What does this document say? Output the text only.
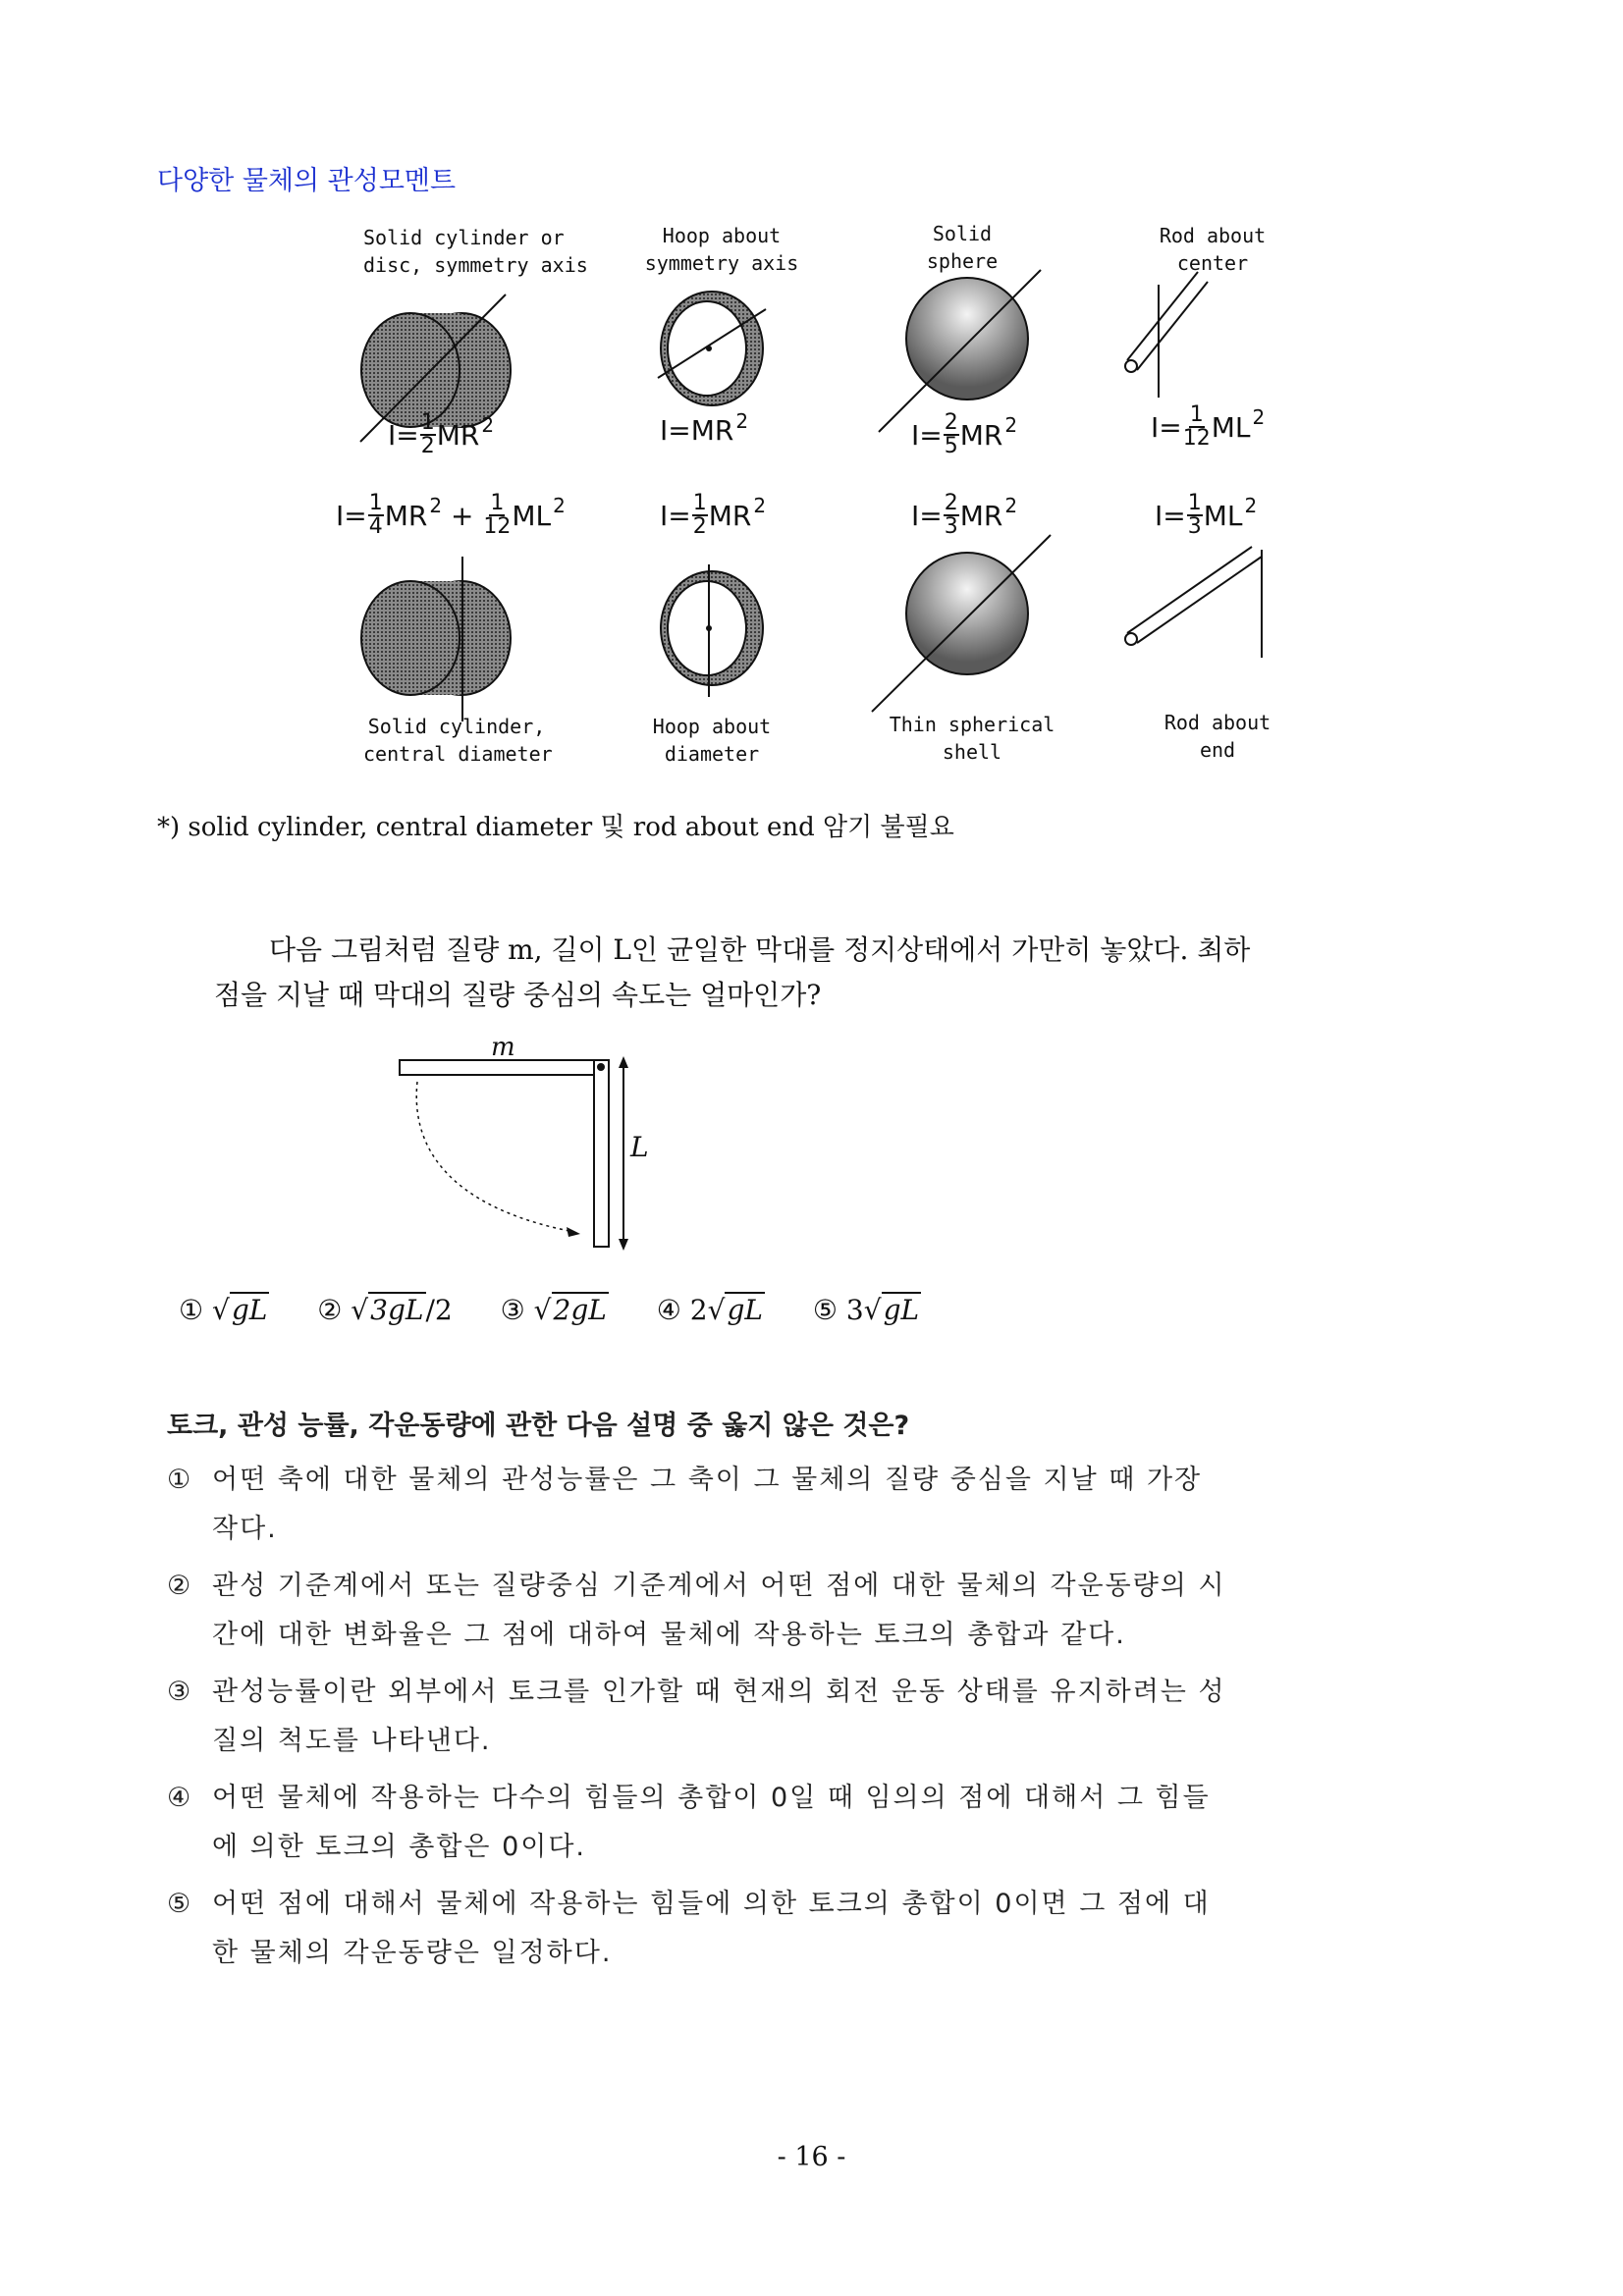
다양한 물체의 관성모멘트
Solid cylinder or
disc, symmetry axis
Hoop about
symmetry axis
Solid
sphere
Rod about
center
$I= \frac{1}{2}$ MR 2	I=MR 2	$I= \frac{2}{5}$ MR 2	$I= \frac{1}{12}$ ML 2
$I= \frac{1}{4}$ MR $2 + \frac{1}{12}$ ML 2	$I= \frac{1}{2}$ MR 2	$I= \frac{2}{3}$ MR 2	$I= \frac{1}{3}$ ML 2
Solid cylinder,
central diameter
Hoop about
diameter
Thin spherical
shell
Rod about
end
*) solid cylinder, central diameter 및 rod about end 암기 불필요
다음 그림처럼 질량 m, 길이 L인 균일한 막대를 정지상태에서 가만히 놓았다. 최하
점을 지날 때 막대의 질량 중심의 속도는 얼마인가?
m
L
① √gL ② √3gL/2 ③ √2gL ④ 2√gL ⑤ 3√gL
토크, 관성 능률, 각운동량에 관한 다음 설명 중 옳지 않은 것은?
① 어떤 축에 대한 물체의 관성능률은 그 축이 그 물체의 질량 중심을 지날 때 가장 작다.
② 관성 기준계에서 또는 질량중심 기준계에서 어떤 점에 대한 물체의 각운동량의 시간에 대한 변화율은 그 점에 대하여 물체에 작용하는 토크의 총합과 같다.
③ 관성능률이란 외부에서 토크를 인가할 때 현재의 회전 운동 상태를 유지하려는 성질의 척도를 나타낸다.
④ 어떤 물체에 작용하는 다수의 힘들의 총합이 0일 때 임의의 점에 대해서 그 힘들에 의한 토크의 총합은 0이다.
⑤ 어떤 점에 대해서 물체에 작용하는 힘들에 의한 토크의 총합이 0이면 그 점에 대한 물체의 각운동량은 일정하다.
- 16 -
